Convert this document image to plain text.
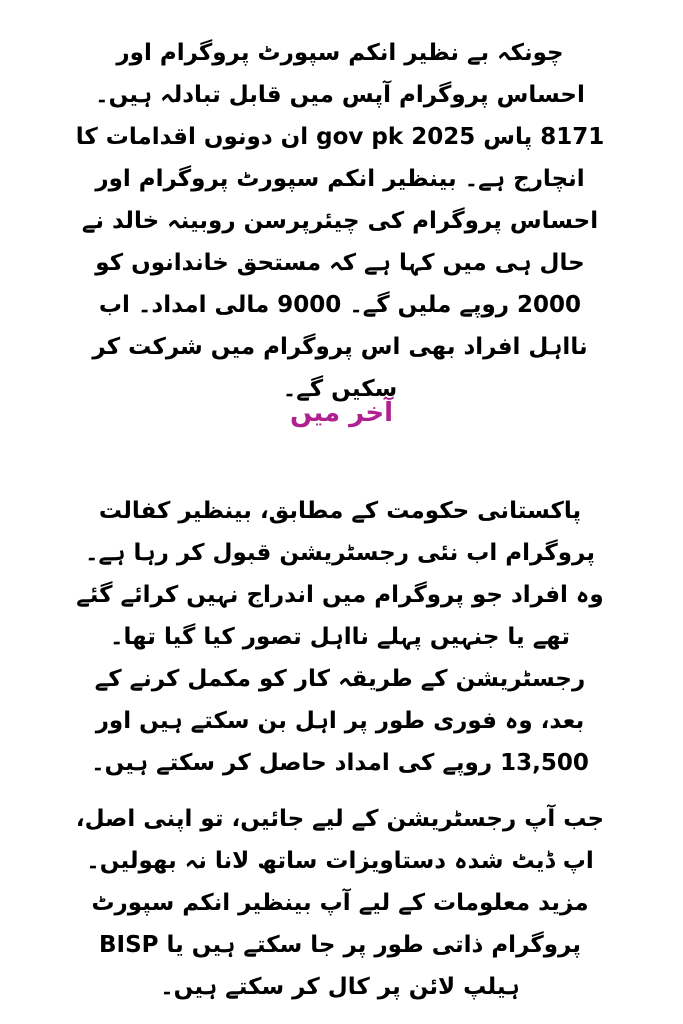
چونکہ بے نظیر انکم سپورٹ پروگرام اور احساس پروگرام آپس میں قابل تبادلہ ہیں۔8171 پاس gov pk 2025 ان دونوں اقدامات کا انچارج ہے۔ بینظیر انکم سپورٹ پروگرام اور احساس پروگرام کی چیئرپرسن روبینہ خالد نے حال ہی میں کہا ہے کہ مستحق خاندانوں کو 2000 روپے ملیں گے۔ 9000 مالی امداد۔ اب نااہل افراد بھی اس پروگرام میں شرکت کر سکیں گے۔

آخر میں

پاکستانی حکومت کے مطابق، بینظیر کفالت پروگرام اب نئی رجسٹریشن قبول کر رہا ہے۔ وہ افراد جو پروگرام میں اندراج نہیں کرائے گئے تھے یا جنہیں پہلے نااہل تصور کیا گیا تھا۔ رجسٹریشن کے طریقہ کار کو مکمل کرنے کے بعد، وہ فوری طور پر اہل بن سکتے ہیں اور 13,500 روپے کی امداد حاصل کر سکتے ہیں۔

جب آپ رجسٹریشن کے لیے جائیں، تو اپنی اصل، اپ ڈیٹ شدہ دستاویزات ساتھ لانا نہ بھولیں۔ مزید معلومات کے لیے آپ بینظیر انکم سپورٹ پروگرام ذاتی طور پر جا سکتے ہیں یا BISP ہیلپ لائن پر کال کر سکتے ہیں۔
